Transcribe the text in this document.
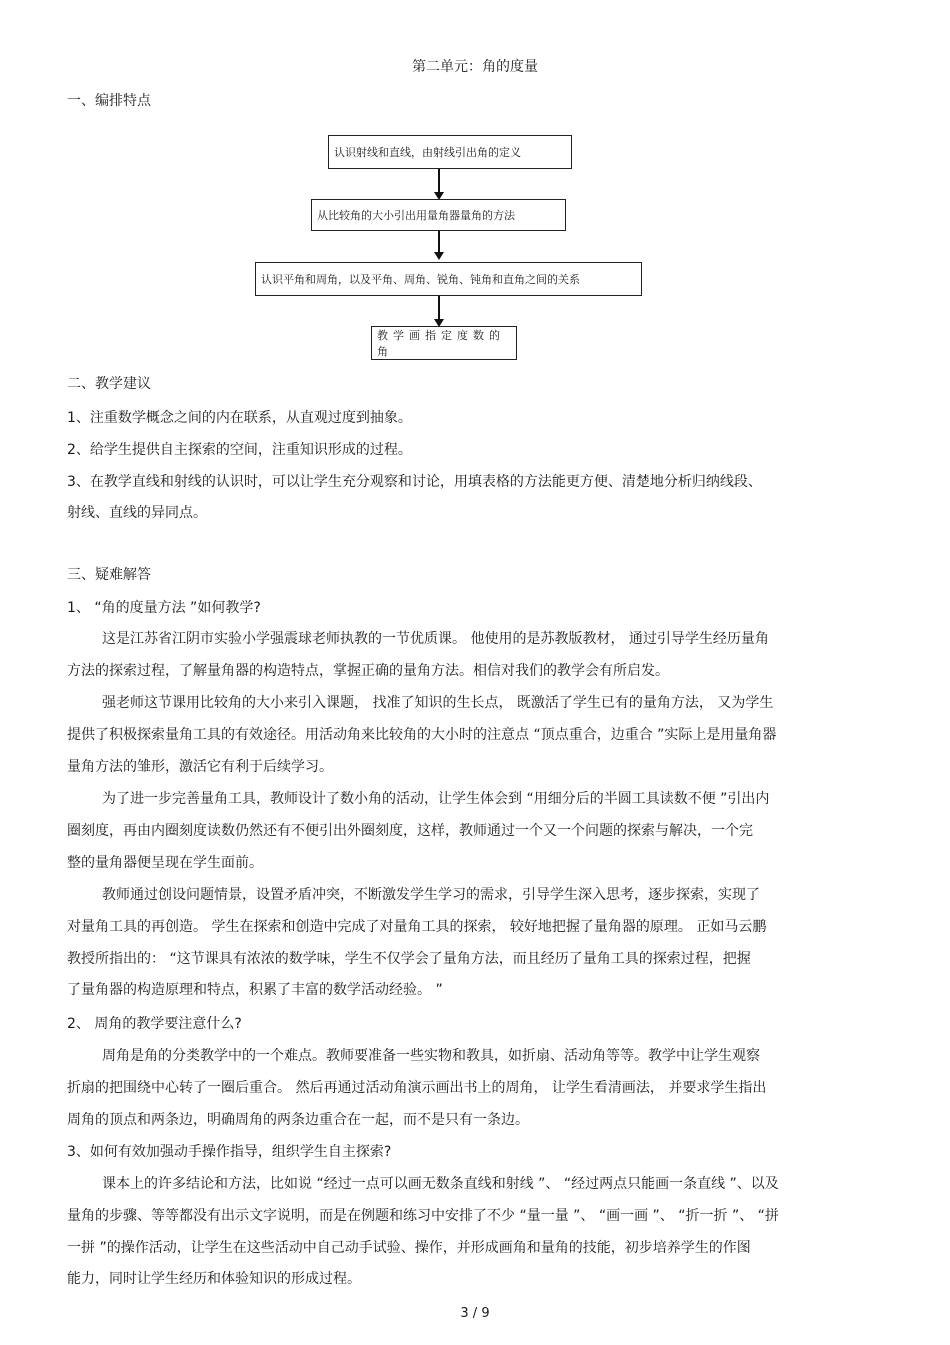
第二单元：角的度量
一、编排特点
认识射线和直线，由射线引出角的定义
从比较角的大小引出用量角器量角的方法
认识平角和周角，以及平角、周角、锐角、钝角和直角之间的关系
教学画指定度数的角
二、教学建议
1、注重数学概念之间的内在联系，从直观过度到抽象。
2、给学生提供自主探索的空间，注重知识形成的过程。
3、在教学直线和射线的认识时，可以让学生充分观察和讨论，用填表格的方法能更方便、清楚地分析归纳线段、
射线、直线的异同点。
三、疑难解答
1、 “角的度量方法 ”如何教学?
这是江苏省江阴市实验小学强震球老师执教的一节优质课。 他使用的是苏教版教材， 通过引导学生经历量角
方法的探索过程，了解量角器的构造特点，掌握正确的量角方法。相信对我们的教学会有所启发。
强老师这节课用比较角的大小来引入课题， 找准了知识的生长点， 既激活了学生已有的量角方法， 又为学生
提供了积极探索量角工具的有效途径。用活动角来比较角的大小时的注意点 “顶点重合，边重合 ”实际上是用量角器
量角方法的雏形，激活它有利于后续学习。
为了进一步完善量角工具，教师设计了数小角的活动，让学生体会到 “用细分后的半圆工具读数不便 ”引出内
圈刻度，再由内圈刻度读数仍然还有不便引出外圈刻度，这样，教师通过一个又一个问题的探索与解决，一个完
整的量角器便呈现在学生面前。
教师通过创设问题情景，设置矛盾冲突，不断激发学生学习的需求，引导学生深入思考，逐步探索，实现了
对量角工具的再创造。 学生在探索和创造中完成了对量角工具的探索， 较好地把握了量角器的原理。 正如马云鹏
教授所指出的： “这节课具有浓浓的数学味，学生不仅学会了量角方法，而且经历了量角工具的探索过程，把握
了量角器的构造原理和特点，积累了丰富的数学活动经验。 ”
2、 周角的教学要注意什么?
周角是角的分类教学中的一个难点。教师要准备一些实物和教具，如折扇、活动角等等。教学中让学生观察
折扇的把围绕中心转了一圈后重合。 然后再通过活动角演示画出书上的周角， 让学生看清画法， 并要求学生指出
周角的顶点和两条边，明确周角的两条边重合在一起，而不是只有一条边。
3、如何有效加强动手操作指导，组织学生自主探索?
课本上的许多结论和方法，比如说 “经过一点可以画无数条直线和射线 ”、 “经过两点只能画一条直线 ”、以及
量角的步骤、等等都没有出示文字说明，而是在例题和练习中安排了不少 “量一量 ”、 “画一画 ”、 “折一折 ”、 “拼
一拼 ”的操作活动，让学生在这些活动中自己动手试验、操作，并形成画角和量角的技能，初步培养学生的作图
能力，同时让学生经历和体验知识的形成过程。
3 / 9
